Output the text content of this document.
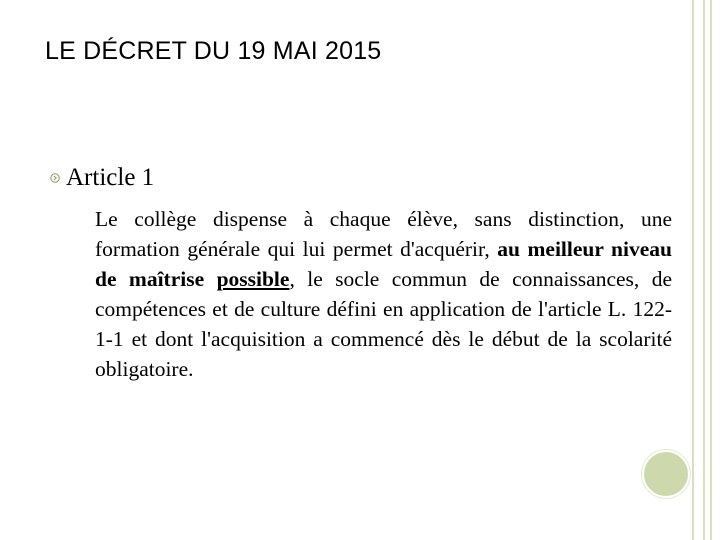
LE DÉCRET DU 19 MAI 2015
Article 1
Le collège dispense à chaque élève, sans distinction, une formation générale qui lui permet d'acquérir, au meilleur niveau de maîtrise possible, le socle commun de connaissances, de compétences et de culture défini en application de l'article L. 122-1-1 et dont l'acquisition a commencé dès le début de la scolarité obligatoire.
